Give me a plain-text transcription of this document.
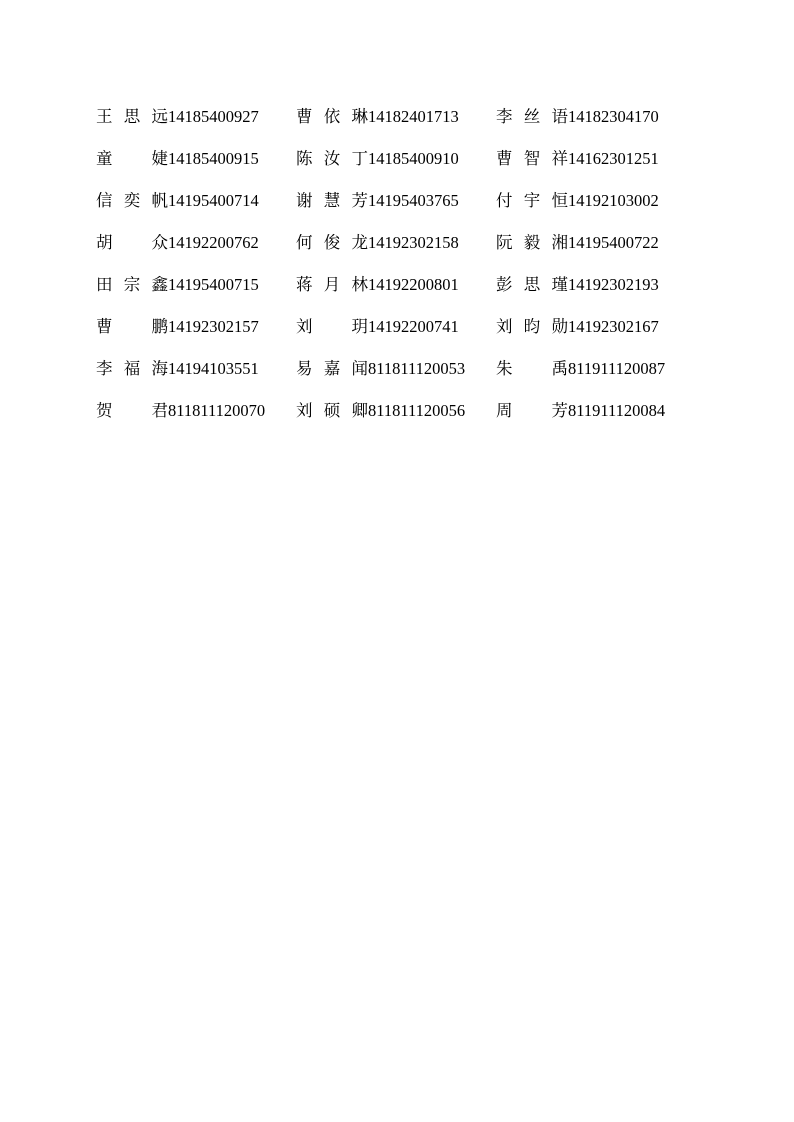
王思远	14185400927	曹依琳	14182401713	李丝语	14182304170
童　婕	14185400915	陈汝丁	14185400910	曹智祥	14162301251
信奕帆	14195400714	谢慧芳	14195403765	付宇恒	14192103002
胡　众	14192200762	何俊龙	14192302158	阮毅湘	14195400722
田宗鑫	14195400715	蒋月林	14192200801	彭思瑾	14192302193
曹　鹏	14192302157	刘　玥	14192200741	刘昀勋	14192302167
李福海	14194103551	易嘉闻	811811120053	朱　禹	811911120087
贺　君	811811120070	刘硕卿	811811120056	周　芳	811911120084
